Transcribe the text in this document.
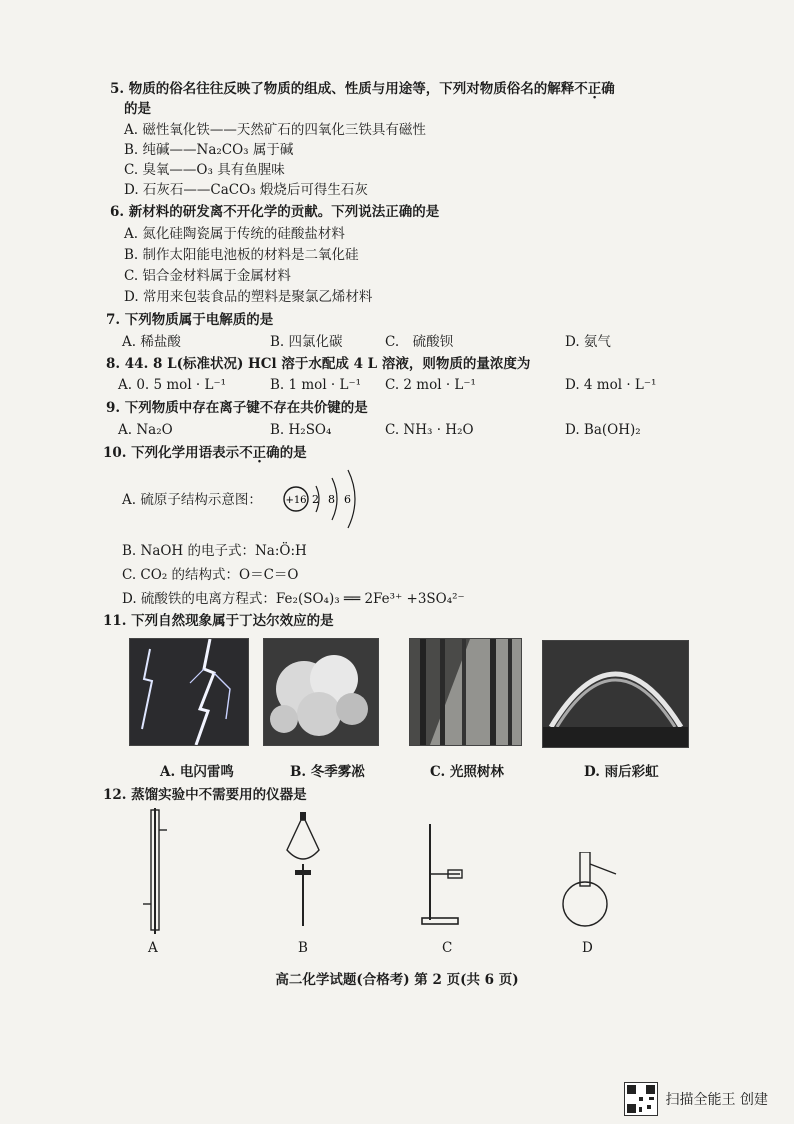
5. 物质的俗名往往反映了物质的组成、性质与用途等，下列对物质俗名的解释不正确
的是
A. 磁性氧化铁——天然矿石的四氧化三铁具有磁性
B. 纯碱——Na₂CO₃ 属于碱
C. 臭氧——O₃ 具有鱼腥味
D. 石灰石——CaCO₃ 煅烧后可得生石灰
6. 新材料的研发离不开化学的贡献。下列说法正确的是
A. 氮化硅陶瓷属于传统的硅酸盐材料
B. 制作太阳能电池板的材料是二氧化硅
C. 铝合金材料属于金属材料
D. 常用来包装食品的塑料是聚氯乙烯材料
7. 下列物质属于电解质的是
A. 稀盐酸	B. 四氯化碳	C.　硫酸钡	D. 氨气
8. 44. 8 L(标准状况) HCl 溶于水配成 4 L 溶液，则物质的量浓度为
A. 0. 5 mol · L⁻¹	B. 1 mol · L⁻¹ C. 2 mol · L⁻¹	D. 4 mol · L⁻¹
9. 下列物质中存在离子键不存在共价键的是
A. Na₂O	B. H₂SO₄	C. NH₃ · H₂O	D. Ba(OH)₂
10. 下列化学用语表示不正确的是
A. 硫原子结构示意图： +16 2 8 6
B. NaOH 的电子式：Na:Ö:H
C. CO₂ 的结构式：O＝C＝O
D. 硫酸铁的电离方程式：Fe₂(SO₄)₃ ══ 2Fe³⁺ +3SO₄²⁻
11. 下列自然现象属于丁达尔效应的是
A. 电闪雷鸣	B. 冬季雾凇	C. 光照树林	D. 雨后彩虹
12. 蒸馏实验中不需要用的仪器是
A	B	C	D
高二化学试题(合格考) 第 2 页(共 6 页)
扫描全能王 创建
